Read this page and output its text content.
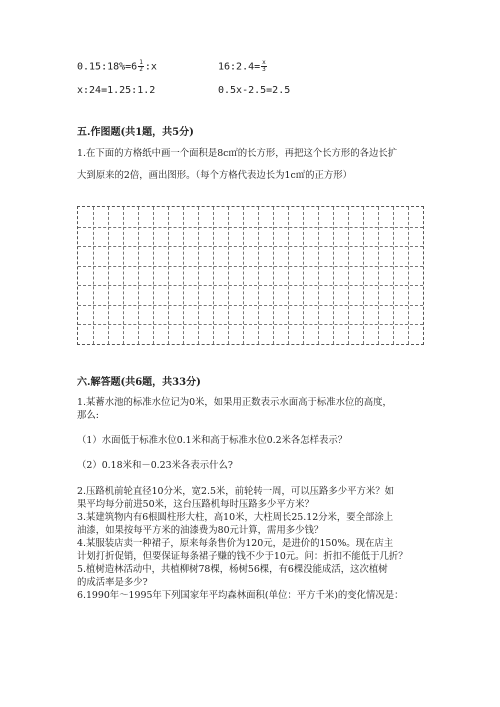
0.15:18%=6 $\frac{1}{2}$ :x	16:2.4= $\frac{x}{3}$
x:24=1.25:1.2	0.5x-2.5=2.5
五.作图题(共1题，共5分)
1.在下面的方格纸中画一个面积是8c㎡的长方形，再把这个长方形的各边长扩
大到原来的2倍，画出图形。（每个方格代表边长为1c㎡的正方形）
六.解答题(共6题，共33分)
1.某蓄水池的标准水位记为0米，如果用正数表示水面高于标准水位的高度，
那么:
（1）水面低于标准水位0.1米和高于标准水位0.2米各怎样表示？
（2）0.18米和－0.23米各表示什么?
2.压路机前轮直径10分米，宽2.5米，前轮转一周，可以压路多少平方米？如
果平均每分前进50米，这台压路机每时压路多少平方米？
3.某建筑物内有6根圆柱形大柱，高10米，大柱周长25.12分米，要全部涂上
油漆，如果按每平方米的油漆费为80元计算，需用多少钱？
4.某服装店卖一种裙子，原来每条售价为120元，是进价的150%。现在店主
计划打折促销，但要保证每条裙子赚的钱不少于10元。问：折扣不能低于几折？
5.植树造林活动中，共植柳树78棵，杨树56棵，有6棵没能成活，这次植树
的成活率是多少?
6.1990年～1995年下列国家年平均森林面积(单位：平方千米)的变化情况是：
